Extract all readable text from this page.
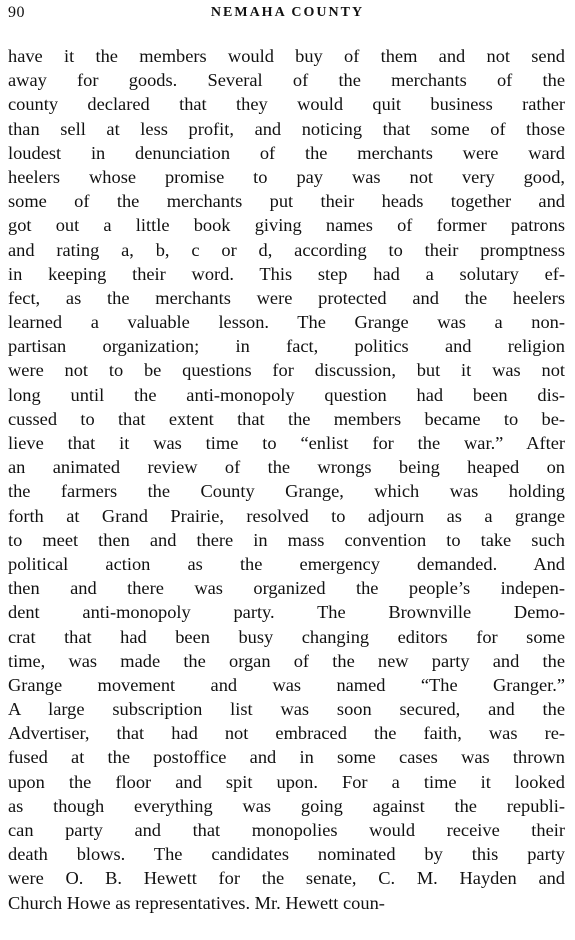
90	NEMAHA COUNTY
have it the members would buy of them and not send
away for goods. Several of the merchants of the
county declared that they would quit business rather
than sell at less profit, and noticing that some of those
loudest in denunciation of the merchants were ward
heelers whose promise to pay was not very good,
some of the merchants put their heads together and
got out a little book giving names of former patrons
and rating a, b, c or d, according to their promptness
in keeping their word. This step had a solutary ef-
fect, as the merchants were protected and the heelers
learned a valuable lesson. The Grange was a non-
partisan organization; in fact, politics and religion
were not to be questions for discussion, but it was not
long until the anti-monopoly question had been dis-
cussed to that extent that the members became to be-
lieve that it was time to “enlist for the war.” After
an animated review of the wrongs being heaped on
the farmers the County Grange, which was holding
forth at Grand Prairie, resolved to adjourn as a grange
to meet then and there in mass convention to take such
political action as the emergency demanded. And
then and there was organized the people’s indepen-
dent anti-monopoly party. The Brownville Demo-
crat that had been busy changing editors for some
time, was made the organ of the new party and the
Grange movement and was named “The Granger.”
A large subscription list was soon secured, and the
Advertiser, that had not embraced the faith, was re-
fused at the postoffice and in some cases was thrown
upon the floor and spit upon. For a time it looked
as though everything was going against the republi-
can party and that monopolies would receive their
death blows. The candidates nominated by this party
were O. B. Hewett for the senate, C. M. Hayden and
Church Howe as representatives. Mr. Hewett coun-
